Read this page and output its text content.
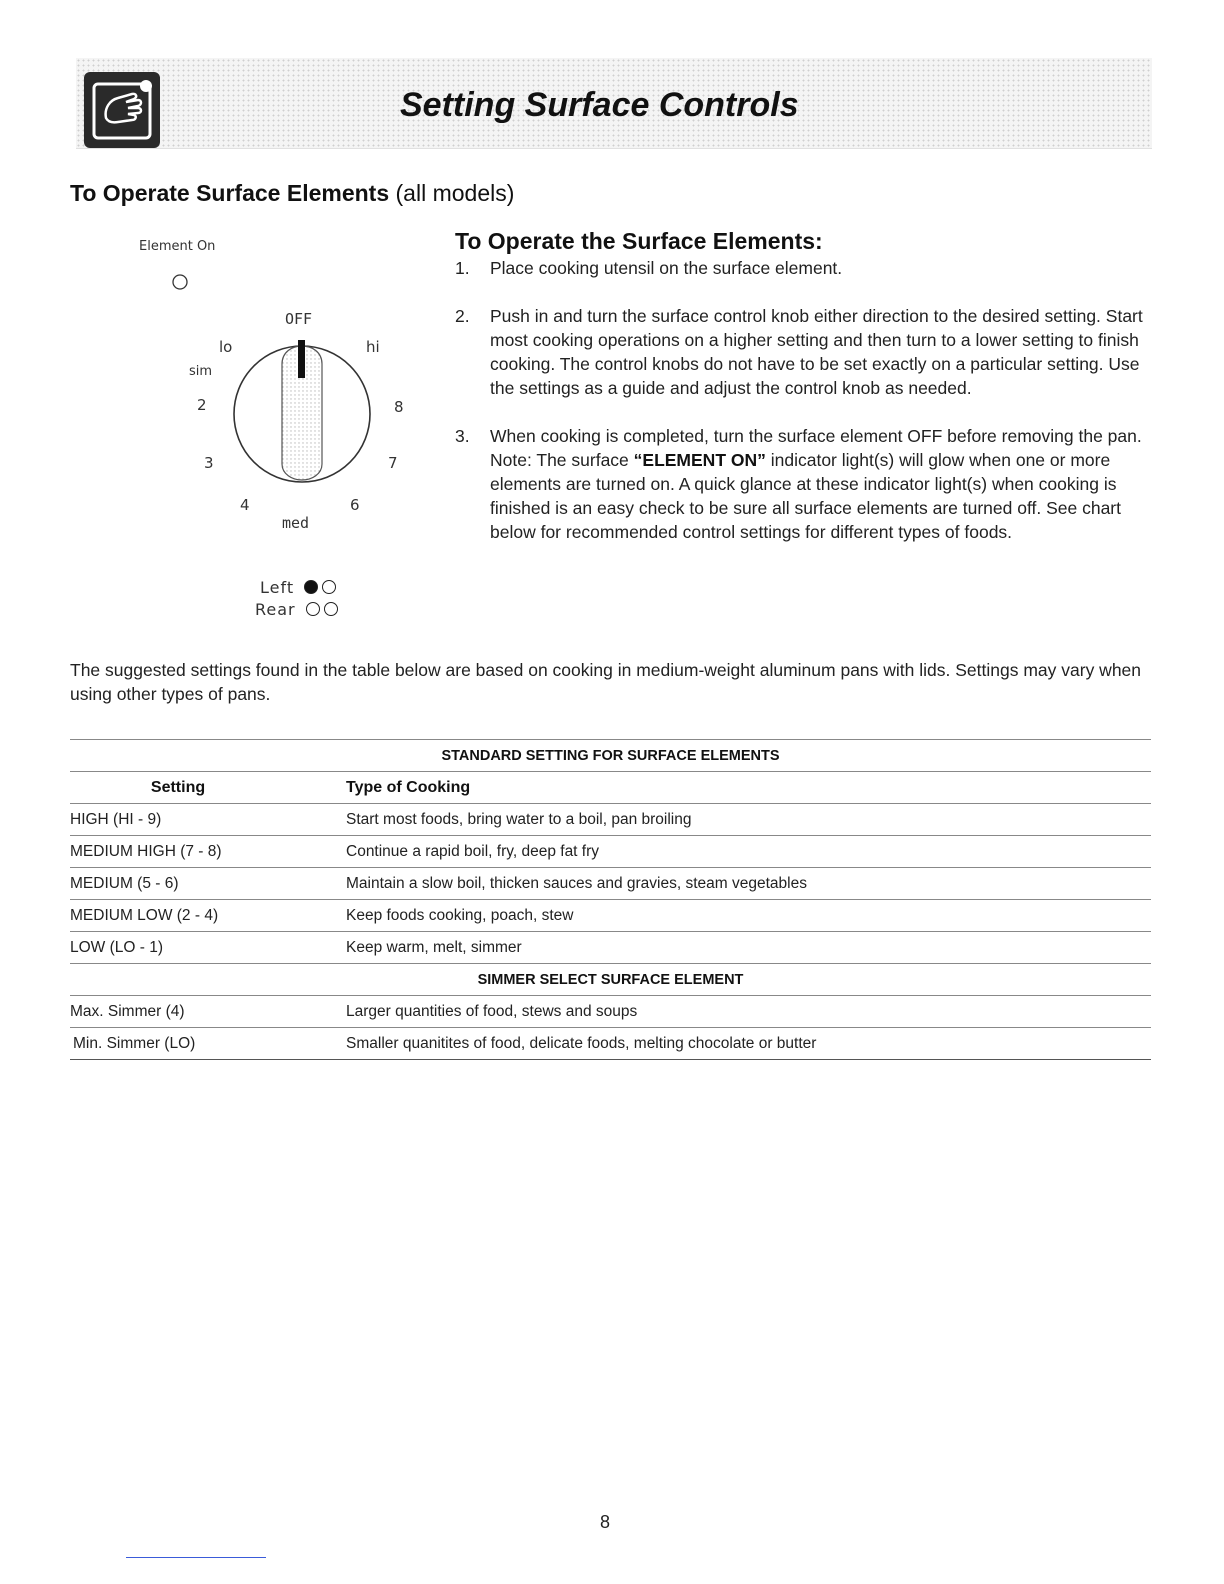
Setting Surface Controls
To Operate Surface Elements (all models)
Element On
OFF
lo	hi
sim
2	8
3	7
4	6
med
Left
Rear
To Operate the Surface Elements:
1.	Place cooking utensil on the surface element.
2.	Push in and turn the surface control knob either direction to the desired setting. Start most cooking operations on a higher setting and then turn to a lower setting to finish cooking. The control knobs do not have to be set exactly on a particular setting. Use the settings as a guide and adjust the control knob as needed.
3.	When cooking is completed, turn the surface element OFF before removing the pan. Note: The surface “ELEMENT ON” indicator light(s) will glow when one or more elements are turned on. A quick glance at these indicator light(s) when cooking is finished is an easy check to be sure all surface elements are turned off. See chart below for recommended control settings for different types of foods.
The suggested settings found in the table below are based on cooking in medium-weight aluminum pans with lids. Settings may vary when using other types of pans.
STANDARD SETTING FOR SURFACE ELEMENTS	
Setting	Type of Cooking
HIGH (HI - 9)	Start most foods, bring water to a boil, pan broiling
MEDIUM HIGH (7 - 8)	Continue a rapid boil, fry, deep fat fry
MEDIUM (5 - 6)	Maintain a slow boil, thicken sauces and gravies, steam vegetables
MEDIUM LOW (2 - 4)	Keep foods cooking, poach, stew
LOW (LO - 1)	Keep warm, melt, simmer
SIMMER SELECT SURFACE ELEMENT	
Max. Simmer (4)	Larger quantities of food, stews and soups
Min. Simmer (LO)	Smaller quanitites of food, delicate foods, melting chocolate or butter
8
